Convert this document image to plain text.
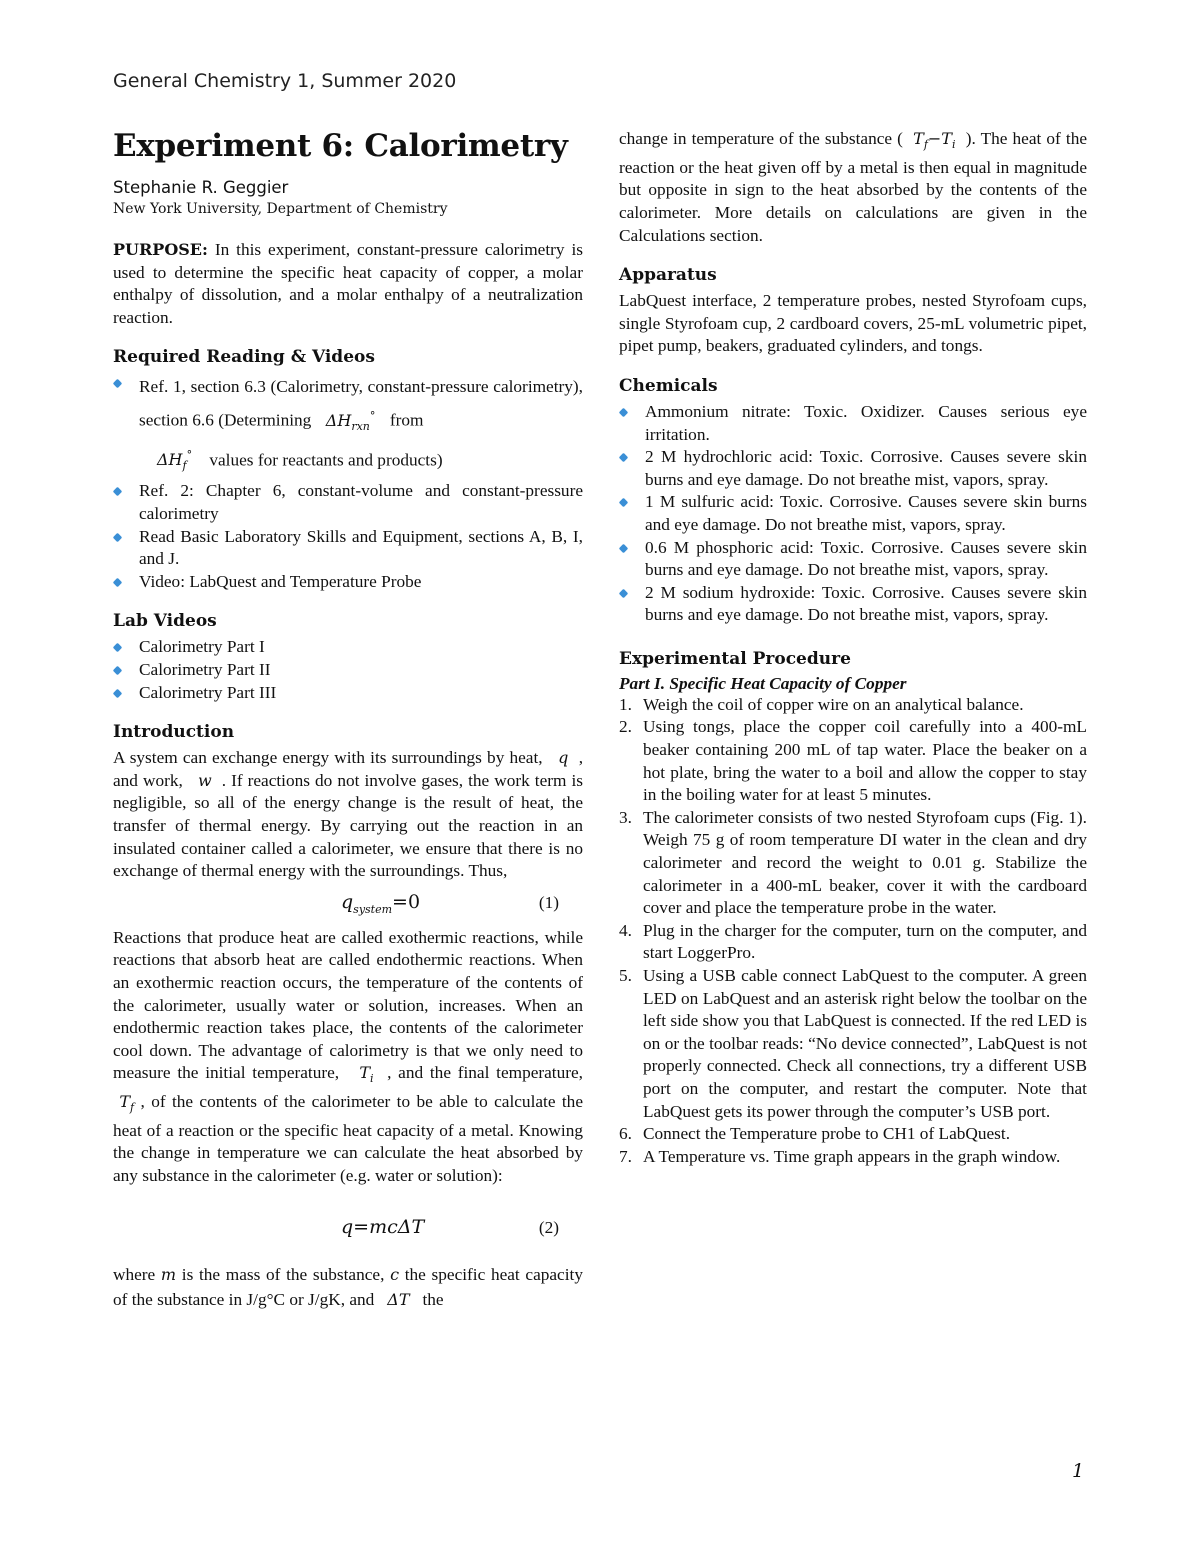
General Chemistry 1, Summer 2020
Experiment 6: Calorimetry
Stephanie R. Geggier
New York University, Department of Chemistry

PURPOSE: In this experiment, constant-pressure calorimetry is used to determine the specific heat capacity of copper, a molar enthalpy of dissolution, and a molar enthalpy of a neutralization reaction.

Required Reading & Videos
Ref. 1, section 6.3 (Calorimetry, constant-pressure calorimetry), section 6.6 (Determining $\Delta H_{rxn}^\circ$ from
$\Delta H_f^\circ$ values for reactants and products)
Ref. 2: Chapter 6, constant-volume and constant-pressure calorimetry
Read Basic Laboratory Skills and Equipment, sections A, B, I, and J.
Video: LabQuest and Temperature Probe
Lab Videos
Calorimetry Part I
Calorimetry Part II
Calorimetry Part III
Introduction

A system can exchange energy with its surroundings by heat, q , and work, w . If reactions do not involve gases, the work term is negligible, so all of the energy change is the result of heat, the transfer of thermal energy. By carrying out the reaction in an insulated container called a calorimeter, we ensure that there is no exchange of thermal energy with the surroundings. Thus,

$q_{system}=0$	(1)

Reactions that produce heat are called exothermic reactions, while reactions that absorb heat are called endothermic reactions. When an exothermic reaction occurs, the temperature of the contents of the calorimeter, usually water or solution, increases. When an endothermic reaction takes place, the contents of the calorimeter cool down. The advantage of calorimetry is that we only need to measure the initial temperature, $T_i$ , and the final temperature,  $T_f$ , of the contents of the calorimeter to be able to calculate the heat of a reaction or the specific heat capacity of a metal. Knowing the change in temperature we can calculate the heat absorbed by any substance in the calorimeter (e.g. water or solution):

q=mcΔT	(2)

where m is the mass of the substance, c the specific heat capacity of the substance in J/g°C or J/gK, and ΔT the

change in temperature of the substance ( $T_f-T_i$ ). The heat of the reaction or the heat given off by a metal is then equal in magnitude but opposite in sign to the heat absorbed by the contents of the calorimeter. More details on calculations are given in the Calculations section.

Apparatus

LabQuest interface, 2 temperature probes, nested Styrofoam cups, single Styrofoam cup, 2 cardboard covers, 25-mL volumetric pipet, pipet pump, beakers, graduated cylinders, and tongs.

Chemicals
Ammonium nitrate: Toxic. Oxidizer. Causes serious eye irritation.
2 M hydrochloric acid: Toxic. Corrosive. Causes severe skin burns and eye damage. Do not breathe mist, vapors, spray.
1 M sulfuric acid: Toxic. Corrosive. Causes severe skin burns and eye damage. Do not breathe mist, vapors, spray.
0.6 M phosphoric acid: Toxic. Corrosive. Causes severe skin burns and eye damage. Do not breathe mist, vapors, spray.
2 M sodium hydroxide: Toxic. Corrosive. Causes severe skin burns and eye damage. Do not breathe mist, vapors, spray.
Experimental Procedure
Part I. Specific Heat Capacity of Copper
1. Weigh the coil of copper wire on an analytical balance.
2. Using tongs, place the copper coil carefully into a 400-mL beaker containing 200 mL of tap water. Place the beaker on a hot plate, bring the water to a boil and allow the copper to stay in the boiling water for at least 5 minutes.
3. The calorimeter consists of two nested Styrofoam cups (Fig. 1). Weigh 75 g of room temperature DI water in the clean and dry calorimeter and record the weight to 0.01 g. Stabilize the calorimeter in a 400-mL beaker, cover it with the cardboard cover and place the temperature probe in the water.
4. Plug in the charger for the computer, turn on the computer, and start LoggerPro.
5. Using a USB cable connect LabQuest to the computer. A green LED on LabQuest and an asterisk right below the toolbar on the left side show you that LabQuest is connected. If the red LED is on or the toolbar reads: “No device connected”, LabQuest is not properly connected. Check all connections, try a different USB port on the computer, and restart the computer. Note that LabQuest gets its power through the computer’s USB port.
6. Connect the Temperature probe to CH1 of LabQuest.
7. A Temperature vs. Time graph appears in the graph window.
1
